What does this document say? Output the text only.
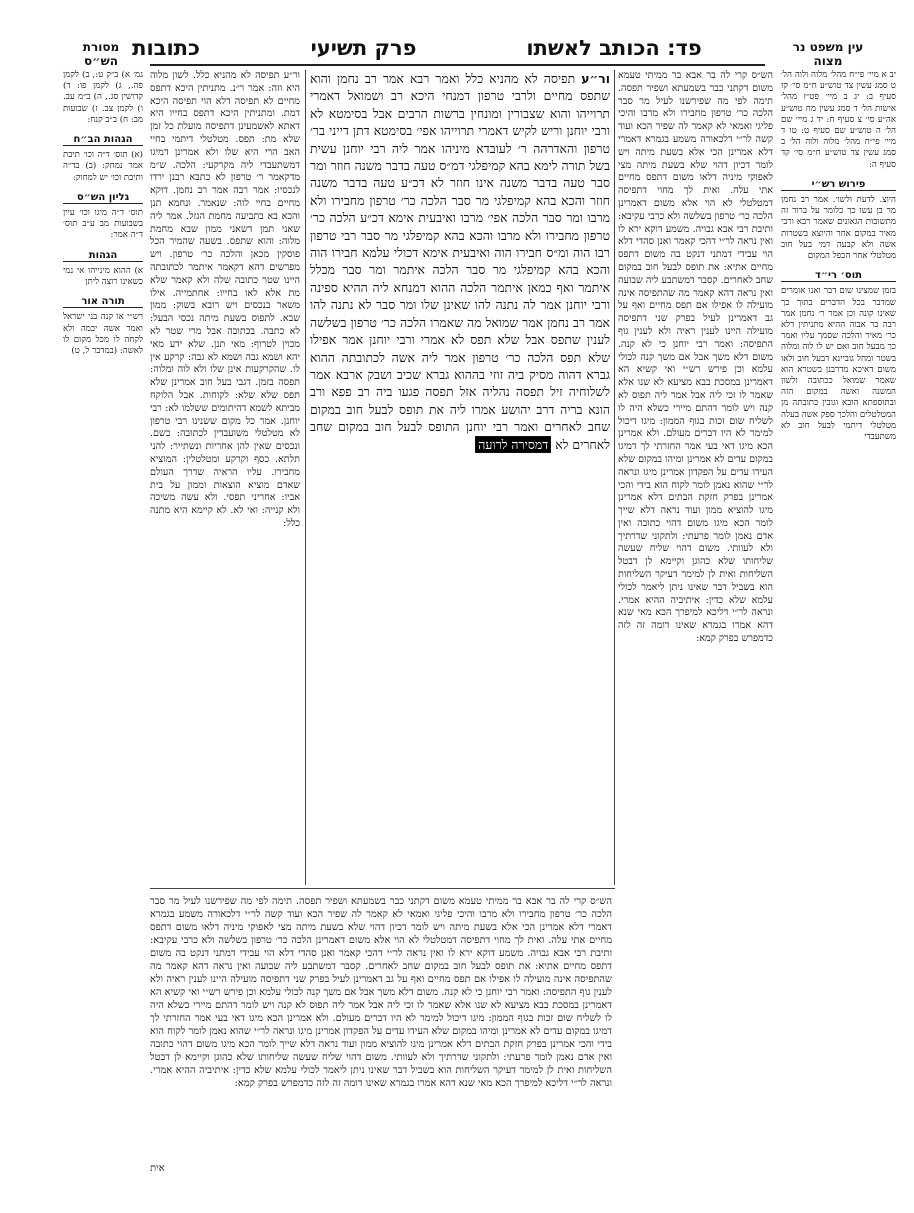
מסורת הש״ס
כתובות	פרק תשיעי	פד: הכותב לאשתו	עין משפט נר מצוה
יב א מיי׳ פי״ח מהל׳ מלוה ולוה הל׳ ט סמג עשין צד טוש״ע ח״מ סי׳ קז סעיף ב: יג ב מיי׳ פט״ז מהל׳ אישות הל׳ ד סמג עשין מח טוש״ע אה״ע סי׳ צ סעיף ח: יד ג מיי׳ שם הל׳ ה טוש״ע שם סעיף ט: טו ד מיי׳ פי״ח מהל׳ מלוה ולוה הל׳ ב סמג עשין צד טוש״ע ח״מ סי׳ קד סעיף ה:
פירוש רש״י
היוצ. לדעת ולשו׳. אמר רב נחמן מר בן עשו כך כלומר על ברור זה מתשובות הגאונים שאמר רבא ורבי מאיר במקום אחר והיוצא בשטרות אשה ולא קבעה דמי בעל חוב מטלטלי אחר הכפל המקום
תוס׳ רי״ד
בזמן שמצינו שום דבר ואנו אומרים שמדבר בכל הדברים בתוך כך שאינו קונה וכן אמר ר׳ נחמן אמר רבה בר אבוה ההיא מתניתין דלא כר׳ מאיר והלכה שסמך עליו ואמר כך מבעל חוב ואם יש לו לוה ומלוה בשטר ומחל גוביינא דבעל חוב ולאו משום דאיכא מדרבנן בשטרא הוא שאמר שמואל ככתובה ולשון המשנה ואשה במקום הזה ובתוספתא הובא וגובין כתובתה מן המטלטלים והלכך ספק אשה בעלה מטלטלי דיתמי לבעל חוב לא משתעבדי
גמ׳ א) ב״ק ט:, ב) לקמן פה., ג) לקמן פו: ד) קדושין סג., ה) ב״מ עב. ו) לקמן צב. ז) שבועות מב: ח) ב״ב קנח:
הגהות הב״ח
(א) תוס׳ ד״ה וכו׳ תיבת אמר נמחק: (ב) בד״ה ותיבת וכו׳ יש למחוק:
גליון הש״ס
תוס׳ ד״ה מיגו וכו׳ עיין בשבועות מב ע״ב תוס׳ ד״ה אמר:
הגהות
א) ההוא מינייהו אי נמי כשאינו רוצה ליתן
תורה אור
רש״י או קנה בני ישראל ואמר אשה יבמה ולא לקחה לו מכל מקום לו לאשה: (במדבר ל, ט)
הש״ס קרי לה בר אבא בר ממיתי טעמא משום דקתני כבר בשמעתא ושפיר תפסה. תימה לפי מה שפירשנו לעיל מר סבר הלכה כר׳ טרפון מחבירו ולא מרבו והיכי פליגי ואמאי לא קאמר לה שפיר הכא ועוד קשה לר״י דלכאורה משמע בגמרא דאמרי דלא אמרינן הכי אלא בשעת מיתה ויש לומר דכיון דהוי שלא בשעת מיתה מצי לאפוקי מיניה דלאו משום דתפס מחיים אתי עלה. ואית לך מחוי דתפיסה דמטלטלי לא הוי אלא משום דאמרינן הלכה כר׳ טרפון בשלשה ולא כרבי עקיבא: ותיבת רבי אבא גבויה. משמע דוקא ירא לו ואין נראה לר״י דהכי קאמר ואנן סהדי דלא הוי עבידי דמתני דנקט בה משום דתפס מחיים אתיא: את תופס לבעל חוב במקום שחב לאחרים. קסבר דמשתבע ליה שבועה ואין נראה דהא קאמר מה שהתפיסה אינה מועילה לו אפילו אם תפס מחיים ואף על גב דאמרינן לעיל בפרק שני דתפיסה מועילה היינו לענין ראיה ולא לענין גוף התפיסה: ואמר רבי יוחנן כי לא קנה. משום דלא משך אבל אם משך קנה לכולי עלמא וכן פירש רש״י ואי קשיא הא דאמרינן במסכת בבא מציעא לא שנו אלא שאמר לו זכי ליה אבל אמר ליה תפוס לא קנה ויש לומר דהתם מיירי כשלא היה לו לשליח שום זכות בגוף הממון: מיגו דיכול למימר לא היו דברים מעולם. ולא אמרינן הכא מיגו דאי בעי אמר החזרתי לך דמיגו במקום עדים לא אמרינן ומיהו במקום שלא העידו עדים על הפקדון אמרינן מיגו ונראה לר״י שהוא נאמן לומר לקוח הוא בידי והכי אמרינן בפרק חזקת הבתים דלא אמרינן מיגו להוציא ממון ועוד נראה דלא שייך לומר הכא מיגו משום דהוי כתובה ואין אדם נאמן לומר פרעתי: ולתקוני שדרתיך ולא לעוותי. משום דהוי שליח שעשה שליחותו שלא כהוגן וקיימא לן דבטל השליחות ואית לן למימר דעיקר השליחות הוא בשביל דבר שאינו ניתן ליאמר לכולי עלמא שלא כדין: איתיביה ההיא אמרי. ונראה לר״י דליכא למיפרך הכא מאי שנא דהא אמרו בגמרא שאינו דומה זה לזה כדמפרש בפרק קמא:
ור״ע תפיסה לא מהניא כלל ואמר רבא אמר רב נחמן והוא שתפס מחיים ולרבי טרפון דמנחי היכא רב ושמואל דאמרי תרוייהו והוא שצבורין ומונחין ברשות הרבים אבל בסימטא לא ורבי יוחנן וריש לקיש דאמרי תרוייהו אפי׳ בסימטא דתן דייני בר׳ טרפון והאדרהה ר׳ לעובדא מיניהו אמר ליה רבי יוחנן עשית בשל תורה לימא בהא קמיפלגי דמ״ס טעה בדבר משנה חוזר ומר סבר טעה בדבר משנה אינו חוזר לא דכ״ע טעה בדבר משנה חוזר והכא בהא קמיפלגי מר סבר הלכה כר׳ טרפון מחבירו ולא מרבו ומר סבר הלכה אפי׳ מרבו ואיבעית אימא דכ״ע הלכה כר׳ טרפון מחבירו ולא מרבו והכא בהא קמיפלגי מר סבר רבי טרפון רבו הוה ומ״ס חבירו הוה ואיבעית אימא דכולי עלמא חבירו הוה והכא בהא קמיפלגי מר סבר הלכה איתמר ומר סבר מכלל איתמר ואף כמאן איתמר הלכה ההוא דמנחא ליה ההיא ספינה ורבי יוחנן אמר לה נתנה להו שאינן שלו ומר סבר לא נתנה להו אמר רב נחמן אמר שמואל מה שאמרו הלכה כר׳ טרפון בשלשה לענין שתפס אבל שלא תפס לא אמרי ורבי יוחנן אמר אפילו שלא תפס הלכה כר׳ טרפון אמר ליה אשה לכתובתה ההוא גברא דהוה מסיק ביה זוזי בההוא גברא שכיב ושבק ארבא אמר לשלוחיה זיל תפסה נהליה אזל תפסה פגעו ביה רב פפא ורב הונא בריה דרב יהושע אמרו ליה את תופס לבעל חוב במקום שחב לאחרים ואמר רבי יוחנן התופס לבעל חוב במקום שחב לאחרים לא דמסירה לרועה
ור״ע תפיסה לא מהניא כלל. לשון מלוה היא וזה: אמר ר״נ. מתניתין היכא דתפס מחיים לא תפיסה דלא הוי תפיסה היכא דמת. ומתניתין היכא דתפס בחייו היא דאתא לאשמעינן דתפיסה מועלת כל זמן שלא מת: תפס. מטלטלי דיתמי בחיי האב הרי היא שלו ולא אמרינן דמיגו דמשתעבדי ליה מקרקעי: הלכה. ש״מ מדקאמר ר׳ טרפון לא כתבא רבנן ירדו לנכסיו: אמר רבה אמר רב נחמן. דוקא מחיים בחיי לוה: שנאמר. ונחמא תנן והכא בא בתביעה מחמת הגזל. אמר ליה שאני תמן דשאני ממון שבא מחמת מלוה: והוא שתפס. בשעה שהמיר הכל פוסקין מכאן והלכה כר׳ טרפון. ויש מפרשים דהא דקאמר איתמר לכתובתה היינו שטר כתובה שלה ולא קאמר שלא מת אלא לאו בחייו: אחתמייה. אילו משאר בנכסים ויש רובא בשוק: ממון שבא. לתפוס בשעת מיתה נכסי הבעל: לא כתבה. בכתובה אבל מרי שטר לא מכוין לטרוף: מאי תנן. שלא ידע מאי יהא ושמא גבה ושמא לא גבה: קרקע אין לו. שהקרקעות אינן שלו ולא לוה ומלוה: תפסה בזמן. דגבי בעל חוב אמרינן שלא תפס שלא שלא: לקוחות. אבל הלוקח מביתא לשמא דהיתומים ששלמו לא: רבי יוחנן. אמר כל מקום ששנינו רבי טרפון לא מטלטלי משועבדין לכתובה: כשם. ונכסים שאין להן אחריות ונשתייר: להני תלתא. כסף וקרקע ומטלטלין: המוציא מחבירו. עליו הראיה שדרך העולם שאדם מוציא הוצאות וממון על בית אביו: אחריני תפסי. ולא עשה משיכה ולא קנייה: ואי לא. לא קיימא היא מתנה כלל:
הש״ס קרי לה בר אבא בר ממיתי טעמא משום דקתני כבר בשמעתא ושפיר תפסה. תימה לפי מה שפירשנו לעיל מר סבר הלכה כר׳ טרפון מחבירו ולא מרבו והיכי פליגי ואמאי לא קאמר לה שפיר הכא ועוד קשה לר״י דלכאורה משמע בגמרא דאמרי דלא אמרינן הכי אלא בשעת מיתה ויש לומר דכיון דהוי שלא בשעת מיתה מצי לאפוקי מיניה דלאו משום דתפס מחיים אתי עלה. ואית לך מחוי דתפיסה דמטלטלי לא הוי אלא משום דאמרינן הלכה כר׳ טרפון בשלשה ולא כרבי עקיבא: ותיבת רבי אבא גבויה. משמע דוקא ירא לו ואין נראה לר״י דהכי קאמר ואנן סהדי דלא הוי עבידי דמתני דנקט בה משום דתפס מחיים אתיא: את תופס לבעל חוב במקום שחב לאחרים. קסבר דמשתבע ליה שבועה ואין נראה דהא קאמר מה שהתפיסה אינה מועילה לו אפילו אם תפס מחיים ואף על גב דאמרינן לעיל בפרק שני דתפיסה מועילה היינו לענין ראיה ולא לענין גוף התפיסה: ואמר רבי יוחנן כי לא קנה. משום דלא משך אבל אם משך קנה לכולי עלמא וכן פירש רש״י ואי קשיא הא דאמרינן במסכת בבא מציעא לא שנו אלא שאמר לו זכי ליה אבל אמר ליה תפוס לא קנה ויש לומר דהתם מיירי כשלא היה לו לשליח שום זכות בגוף הממון: מיגו דיכול למימר לא היו דברים מעולם. ולא אמרינן הכא מיגו דאי בעי אמר החזרתי לך דמיגו במקום עדים לא אמרינן ומיהו במקום שלא העידו עדים על הפקדון אמרינן מיגו ונראה לר״י שהוא נאמן לומר לקוח הוא בידי והכי אמרינן בפרק חזקת הבתים דלא אמרינן מיגו להוציא ממון ועוד נראה דלא שייך לומר הכא מיגו משום דהוי כתובה ואין אדם נאמן לומר פרעתי: ולתקוני שדרתיך ולא לעוותי. משום דהוי שליח שעשה שליחותו שלא כהוגן וקיימא לן דבטל השליחות ואית לן למימר דעיקר השליחות הוא בשביל דבר שאינו ניתן ליאמר לכולי עלמא שלא כדין: איתיביה ההיא אמרי. ונראה לר״י דליכא למיפרך הכא מאי שנא דהא אמרו בגמרא שאינו דומה זה לזה כדמפרש בפרק קמא:
אית
